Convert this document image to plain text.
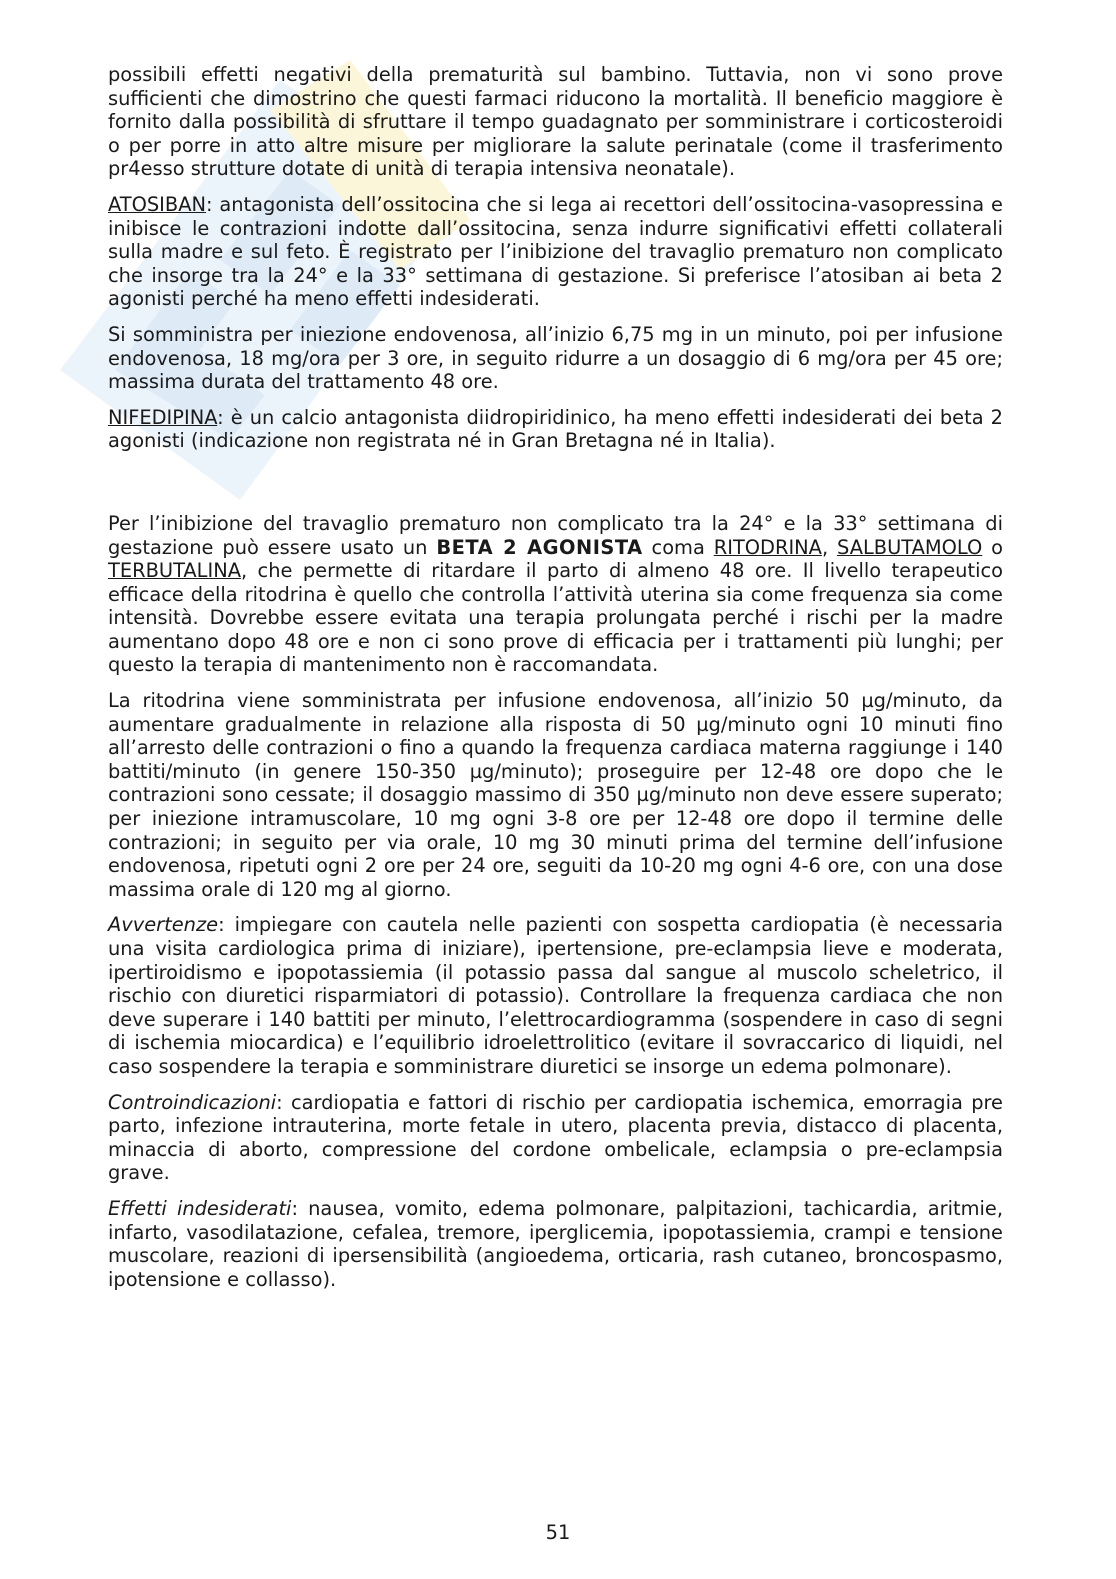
possibili effetti negativi della prematurità sul bambino. Tuttavia, non vi sono prove sufficienti che dimostrino che questi farmaci riducono la mortalità. Il beneficio maggiore è fornito dalla possibilità di sfruttare il tempo guadagnato per somministrare i corticosteroidi o per porre in atto altre misure per migliorare la salute perinatale (come il trasferimento pr4esso strutture dotate di unità di terapia intensiva neonatale).

ATOSIBAN: antagonista dell’ossitocina che si lega ai recettori dell’ossitocina-vasopressina e inibisce le contrazioni indotte dall’ossitocina, senza indurre significativi effetti collaterali sulla madre e sul feto. È registrato per l’inibizione del travaglio prematuro non complicato che insorge tra la 24° e la 33° settimana di gestazione. Si preferisce l’atosiban ai beta 2 agonisti perché ha meno effetti indesiderati.

Si somministra per iniezione endovenosa, all’inizio 6,75 mg in un minuto, poi per infusione endovenosa, 18 mg/ora per 3 ore, in seguito ridurre a un dosaggio di 6 mg/ora per 45 ore; massima durata del trattamento 48 ore.

NIFEDIPINA: è un calcio antagonista diidropiridinico, ha meno effetti indesiderati dei beta 2 agonisti (indicazione non registrata né in Gran Bretagna né in Italia).

Per l’inibizione del travaglio prematuro non complicato tra la 24° e la 33° settimana di gestazione può essere usato un BETA 2 AGONISTA coma RITODRINA, SALBUTAMOLO o TERBUTALINA, che permette di ritardare il parto di almeno 48 ore. Il livello terapeutico efficace della ritodrina è quello che controlla l’attività uterina sia come frequenza sia come intensità. Dovrebbe essere evitata una terapia prolungata perché i rischi per la madre aumentano dopo 48 ore e non ci sono prove di efficacia per i trattamenti più lunghi; per questo la terapia di mantenimento non è raccomandata.

La ritodrina viene somministrata per infusione endovenosa, all’inizio 50 µg/minuto, da aumentare gradualmente in relazione alla risposta di 50 µg/minuto ogni 10 minuti fino all’arresto delle contrazioni o fino a quando la frequenza cardiaca materna raggiunge i 140 battiti/minuto (in genere 150-350 µg/minuto); proseguire per 12-48 ore dopo che le contrazioni sono cessate; il dosaggio massimo di 350 µg/minuto non deve essere superato; per iniezione intramuscolare, 10 mg ogni 3-8 ore per 12-48 ore dopo il termine delle contrazioni; in seguito per via orale, 10 mg 30 minuti prima del termine dell’infusione endovenosa, ripetuti ogni 2 ore per 24 ore, seguiti da 10-20 mg ogni 4-6 ore, con una dose massima orale di 120 mg al giorno.

Avvertenze: impiegare con cautela nelle pazienti con sospetta cardiopatia (è necessaria una visita cardiologica prima di iniziare), ipertensione, pre-eclampsia lieve e moderata, ipertiroidismo e ipopotassiemia (il potassio passa dal sangue al muscolo scheletrico, il rischio con diuretici risparmiatori di potassio). Controllare la frequenza cardiaca che non deve superare i 140 battiti per minuto, l’elettrocardiogramma (sospendere in caso di segni di ischemia miocardica) e l’equilibrio idroelettrolitico (evitare il sovraccarico di liquidi, nel caso sospendere la terapia e somministrare diuretici se insorge un edema polmonare).

Controindicazioni: cardiopatia e fattori di rischio per cardiopatia ischemica, emorragia pre parto, infezione intrauterina, morte fetale in utero, placenta previa, distacco di placenta, minaccia di aborto, compressione del cordone ombelicale, eclampsia o pre-eclampsia grave.

Effetti indesiderati: nausea, vomito, edema polmonare, palpitazioni, tachicardia, aritmie, infarto, vasodilatazione, cefalea, tremore, iperglicemia, ipopotassiemia, crampi e tensione muscolare, reazioni di ipersensibilità (angioedema, orticaria, rash cutaneo, broncospasmo, ipotensione e collasso).

51
